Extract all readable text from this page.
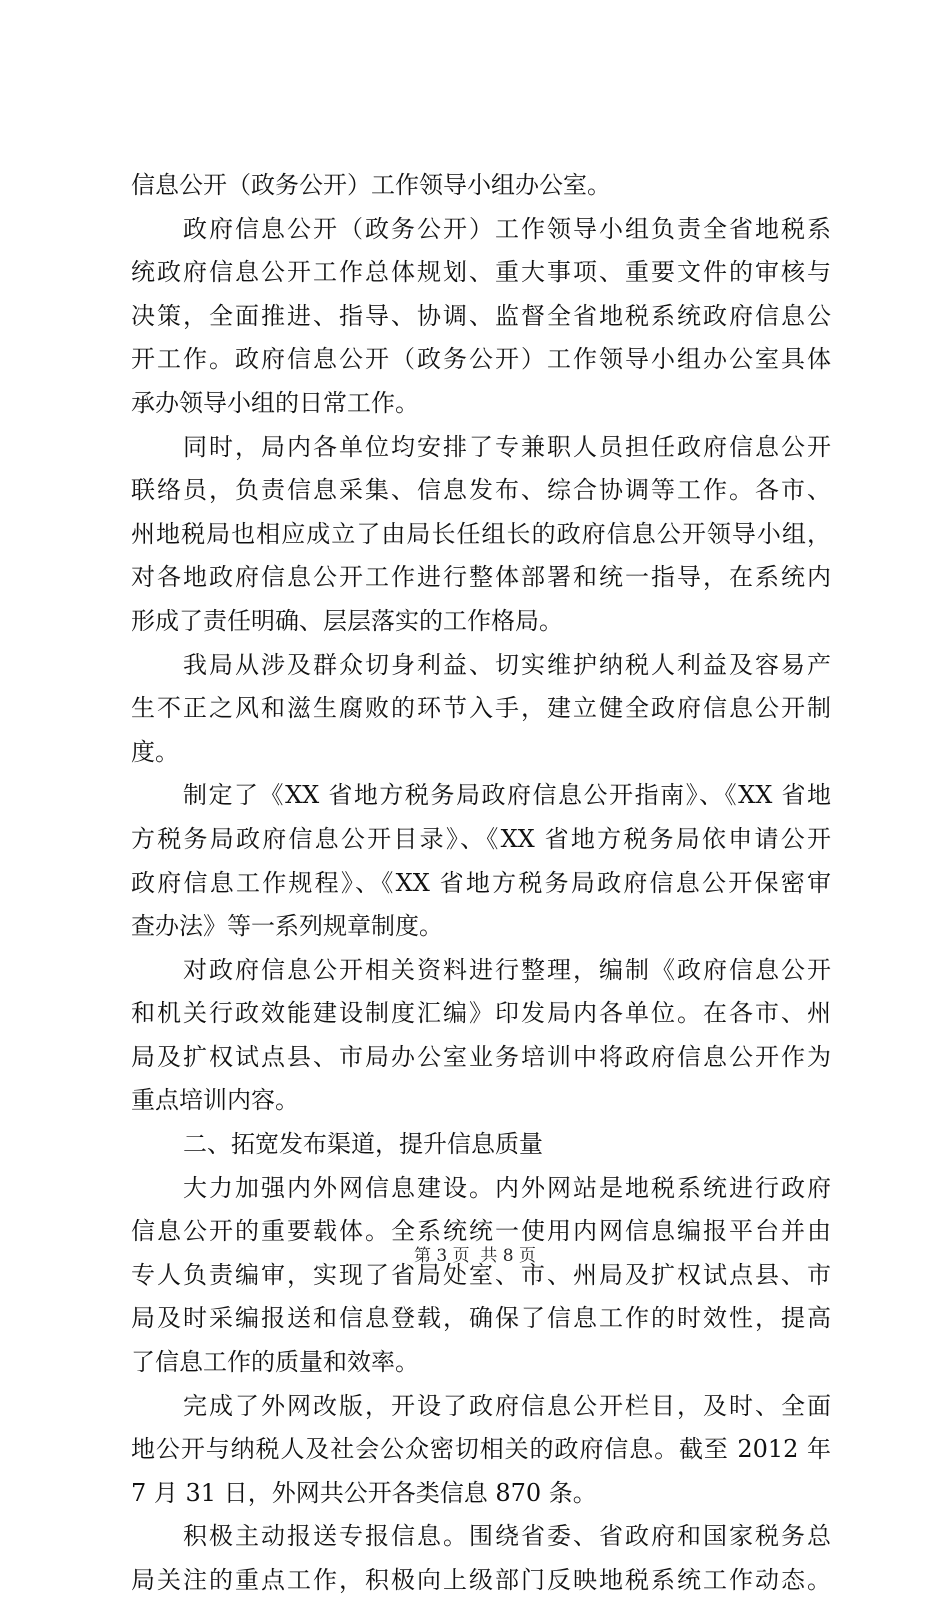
信息公开（政务公开）工作领导小组办公室。
政府信息公开（政务公开）工作领导小组负责全省地税系
统政府信息公开工作总体规划、重大事项、重要文件的审核与
决策，全面推进、指导、协调、监督全省地税系统政府信息公
开工作。政府信息公开（政务公开）工作领导小组办公室具体
承办领导小组的日常工作。
同时，局内各单位均安排了专兼职人员担任政府信息公开
联络员，负责信息采集、信息发布、综合协调等工作。各市、
州地税局也相应成立了由局长任组长的政府信息公开领导小组，
对各地政府信息公开工作进行整体部署和统一指导，在系统内
形成了责任明确、层层落实的工作格局。
我局从涉及群众切身利益、切实维护纳税人利益及容易产
生不正之风和滋生腐败的环节入手，建立健全政府信息公开制
度。
制定了《XX 省地方税务局政府信息公开指南》、《XX 省地
方税务局政府信息公开目录》、《XX 省地方税务局依申请公开
政府信息工作规程》、《XX 省地方税务局政府信息公开保密审
查办法》等一系列规章制度。
对政府信息公开相关资料进行整理，编制《政府信息公开
和机关行政效能建设制度汇编》印发局内各单位。在各市、州
局及扩权试点县、市局办公室业务培训中将政府信息公开作为
重点培训内容。
二、拓宽发布渠道，提升信息质量
大力加强内外网信息建设。内外网站是地税系统进行政府
信息公开的重要载体。全系统统一使用内网信息编报平台并由
专人负责编审，实现了省局处室、市、州局及扩权试点县、市
局及时采编报送和信息登载，确保了信息工作的时效性，提高
了信息工作的质量和效率。
完成了外网改版，开设了政府信息公开栏目，及时、全面
地公开与纳税人及社会公众密切相关的政府信息。截至 2012 年
7 月 31 日，外网共公开各类信息 870 条。
积极主动报送专报信息。围绕省委、省政府和国家税务总
局关注的重点工作，积极向上级部门反映地税系统工作动态。
第 3 页  共 8 页
